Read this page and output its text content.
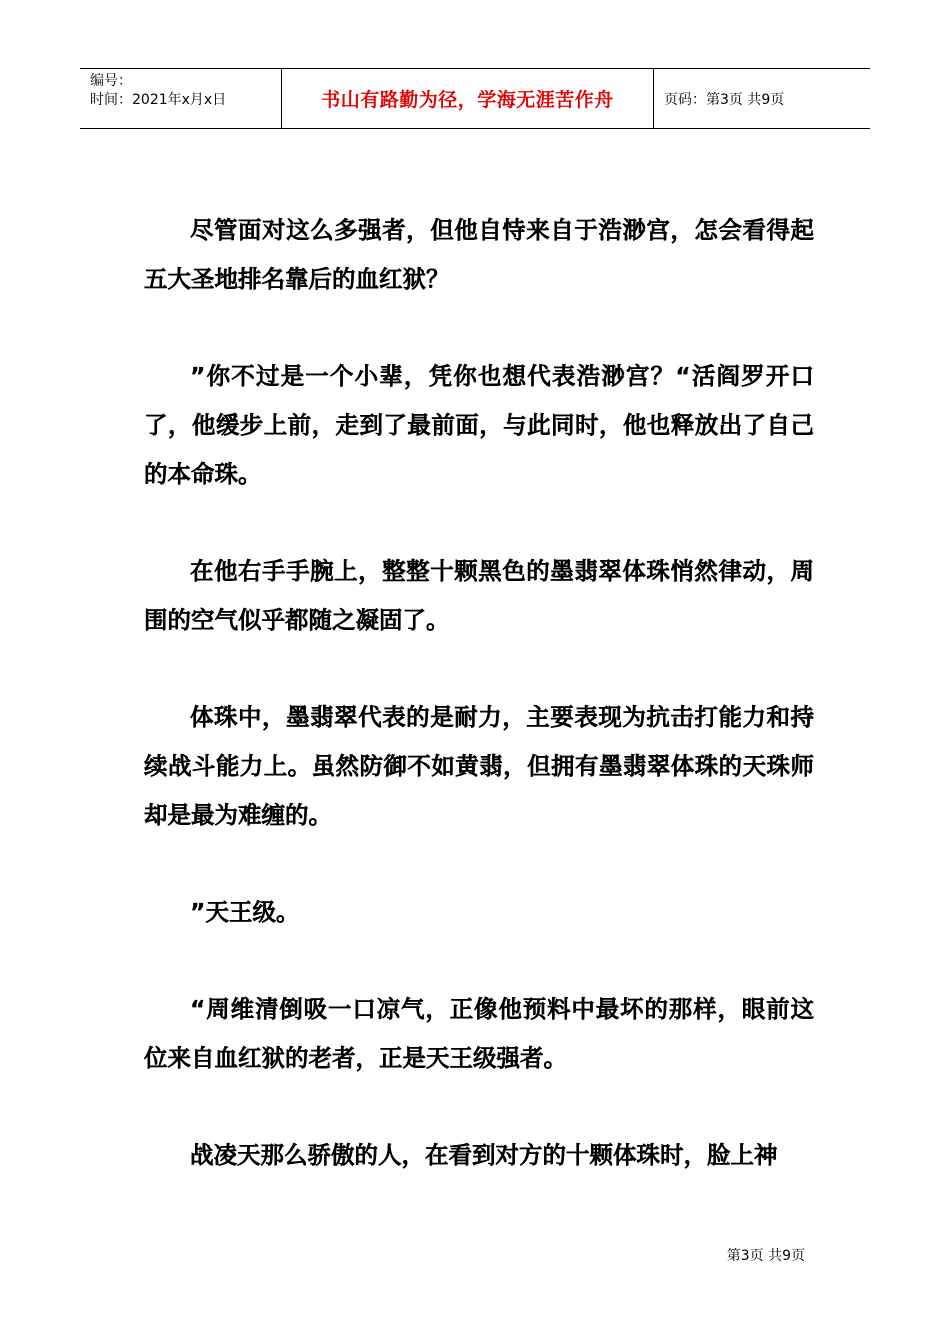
编号：
时间：2021年x月x日	书山有路勤为径，学海无涯苦作舟	页码：第3页 共9页

尽管面对这么多强者，但他自恃来自于浩渺宫，怎会看得起五大圣地排名靠后的血红狱？

”你不过是一个小辈，凭你也想代表浩渺宫？“活阎罗开口了，他缓步上前，走到了最前面，与此同时，他也释放出了自己的本命珠。

在他右手手腕上，整整十颗黑色的墨翡翠体珠悄然律动，周围的空气似乎都随之凝固了。

体珠中，墨翡翠代表的是耐力，主要表现为抗击打能力和持续战斗能力上。虽然防御不如黄翡，但拥有墨翡翠体珠的天珠师却是最为难缠的。

”天王级。

“周维清倒吸一口凉气，正像他预料中最坏的那样，眼前这位来自血红狱的老者，正是天王级强者。

战凌天那么骄傲的人，在看到对方的十颗体珠时，脸上神

第3页 共9页
